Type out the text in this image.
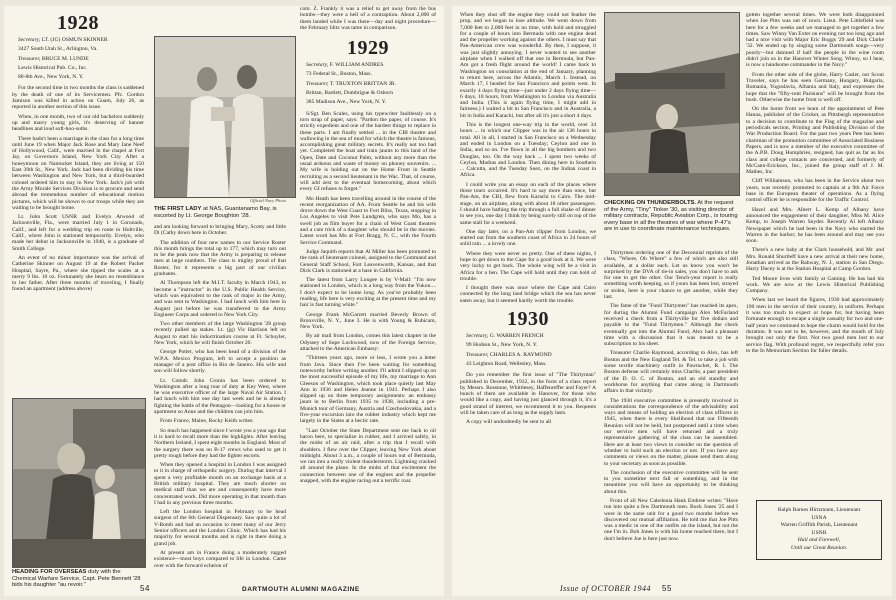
1928

Secretary, LT. (JG) OSMUN SKINNER

3427 South Utah St., Arlington, Va.

Treasurer, BRUCE M. LUNDE

Lewis Historical Pub. Co., Inc.

80-8th Ave., New York, N. Y.

For the second time in two months the class is saddened by the death of one of its Servicemen. Pfc. Gordon Jamison was killed in action on Guam, July 26, as reported in another section of this issue.

When, in one month, two of our old bachelors suddenly up and marry young girls, it's deserving of banner headlines and loud soft-hoo-suths.

There hadn't been a marriage in the class for a long time until June 19 when Major Jack Rose and Mary Jane Neef of Hollywood, Calif., were married in the chapel at Fort Jay, on Governors Island, New York City. After a honeymoon on Nantucket Island, they are living at 150 East 39th St., New York. Jack had been dividing his time between Washington and New York, but a third-boarded colonel ordered him to stay in New York. Jack's job with the Army Morale Services Division is to procure and send abroad the tremendous number of educational motion pictures, which will be shown to our troops while they are waiting to be brought home.

Lt. John Scott USNR and Evelyn Atwood of Jacksonville, Fla., were married July 1 in Coronado, Calif., and left for a wedding trip en route to Holtville, Calif., where John is stationed temporarily. Evelyn, who made her debut in Jacksonville in 1940, is a graduate of Smith College.

An event of no minor importance was the arrival of Catherine Skinner on August 19 at the Robert Packer Hospital, Sayre, Pa., where she tipped the scales at a merry 9 lbs. 10 oz. Fortunately she bears no resemblance to her father. After three months of traveling, I finally found an apartment (address above)

HEADING FOR OVERSEAS duty with the Chemical Warfare Service, Capt. Pete Bennett '28 bids his daughter "au revoir."

and am looking forward to bringing Mary, Scotty and little Di (Cathy down here in October.

The addition of four new names to our Service Roster this month brings the total up to 177, which may turn out to be the peak now that the Army is preparing to release men at large numbers. The class is mighty proud of that Roster, for it represents a big part of our civilian graduates.

Al Thompson left the M.I.T. faculty in March 1943, to become a "instructor" in the U.S. Public Health Service, which was equivalent to the rank of major in the Army, and was sent to Washington. I had lunch with him here in August just before he was transferred to the Army Engineer Corps and ordered to New York City.

Two other members of the large Washington '28 group recently pulled up stakes. Lt. (jg) Vic Harrison left on August to start his indoctrination course at Ft. Schuyler, New York, which he will finish October 20.

George Potter, who has been head of a division of the W.P.A. Mexico Program, left to accept a position as manager of a post office in Rio de Janeiro. His wife and son will follow shortly.

Lt. Comdr. John Cronin has been ordered to Washington after a long tour of duty at Key West, where he was executive officer of the large Naval Air Station. I had lunch with him one day last week and he is already fighting the battle of the Pentagon—looking for a house or apartment so Anne and the children can join him.

From France, Maine, Rocky Keith writes:

So much has happened since I wrote you a year ago that it is hard to recall more than the highlights. After leaving Northern Ireland, I spent eight months in England. Most of the surgery there was on B-17 crews who used to get it pretty rough before they had the fighter escorts.

When they opened a hospital in London I was assigned to it in charge of orthopedic surgery. During that interval I spent a very profitable month on an exchange basis at a British military hospital. They are much shorter on medical staff than we are and consequently have more concentrated work. Did more operating in that month than I had in any previous three months.

Left the London hospital in February to be head surgeon of the 6th General Dispensary. Saw quite a lot of V-Bomb and had an occasion to meet many of our Jerry Senior officers and the London Clinic. Which has had his majority for several months and is right in there doing a grand job.

At present am in France doing a moderately rugged existence—most boys compared to life in London. Came over with the forward echelon of

Official Navy Photo
THE FIRST LADY at NAS, Guantanamo Bay, is escorted by Lt. George Boughton '28.

com. Z. Frankly it was a relief to get away from the bus bombs—they were a hell of a contraption. About 2,000 of them landed while I was there—day and night procedure—the February blitz was tame in comparison.

1929

Secretary, F. WILLIAM ANDRES

73 Federal St., Boston, Mass.

Treasurer, T. TRUXTON BRITTAN JR.

Brittan, Bartlett, Dumbrigue & Osborn

385 Madison Ave., New York, N. Y.

S/Sgt. Ben Scales, using his typewriter faultlessly on a torn strap of paper, says: "Pardon the paper, of course. It's strictly expedient and one of the hardest things to replace in these parts. I am finally settled ... in the CBI theatre and wallowing in the sea of mud for which the theatre is famous, accomplishing great military secrets. It's really not too bad yet. Completed the boat and train jaunts to this land of the Open, Date and Coconut Palm, without any more than the usual arduous and waste of money on phoney souvenirs. ... My wife is holding out on the Home Front in Seattle recruiting as a second lieutenant in the Wac. That, of course, will add zest to the eventual homecoming, about which every GI refuses to forget."

Mo Heath has been travelling around in the course of the recent reorganization of AA. From Seattle he and his wife drove down the West Coast to Fort Bliss, Texas, stopping in Los Angeles to visit Pete Lundgren, who says Mo, has a swell job as film buyer for a chain of West Coast theatres and a cute trick of a daughter who should be in the movies. Latest word has Mo at Fort Bragg, N. C., with the Fourth Service Command.

Judge Jaquith reports that Al Miller has been promoted to the rank of lieutenant colonel, assigned to the Command and General Staff School, Fort Leavenworth, Kansas, and that Dick Clark is stationed at a base in California.

The latest from Larry Longee is by V-Mail: "I'm now stationed in London, which is a long way from the Yukon.... I don't expect to be home long. As you've probably been reading, life here is very exciting at the present time and my hair is fast turning white."

George Frank McGarrett married Beverly Brown of Bronxville, N. Y., June 3. He is with Young & Rubicam, New York.

By air mail from London, comes this latest chapter in the Odyssey of Supe Lockwood, now of the Foreign Service, attached to the American Embassy:

"Thirteen years ago, more or less, I wrote you a letter from Java. Since then I've been waiting for something noteworthy before writing another. I'll admit I slipped up on the most successful episode of my life, my marriage to Ann Gleeson of Washington, which took place quietly last May Ann in 1936 and Helen Jeanne in 1941. Perhaps I also slipped up on three temporary assignments: an embassy jaunt in to Berlin from 1935 to 1938, including a pre-Munich tour of Germany, Austria and Czechoslovakia, and a five-year excursion into the rubber industry which kept me largely in the States at a hectic rate.

"Last October the State Department sent me back to oil baron here, to specialize in rubber, and I arrived safely, in the midst of an air raid, after a trip that I recall with shudders. I flew over the Clipper, leaving New York about midnight. About 3 a.m., a couple of hours out of Bermuda, we ran into a really violent thunderstorm. Lightning cracked all around the plane. In the midst of that excitement the connection between one of the engines and the propeller snapped, with the engine racing out a terrific roar.

54	DARTMOUTH ALUMNI MAGAZINE

When they shut off the engine they could not feather the prop, and we began to lose altitude. We went down from 7,000 feet to 2,000 feet in no time, with hold and struggled for a couple of hours into Bermuda with one engine dead and the propeller working against the others. I must say that Pan-American crew was wonderful. By then, I suppose, it was just slightly annoying. I never wanted to see another airplane when I walked off that one in Bermuda, but Pan-Am got a fresh flight around the world! I came back to Washington on consolation at the end of January, planning to return here, across the Atlantic, March 1. Instead, on March 17, I headed for San Francisco and points west. In exactly 4 days flying time—just under 2 days flying time—6 days, 10 hours, from Washington to London via Australia and India. (This is again flying time, I might add in fairness.) I waited a bit in San Francisco and in Australia, a bit in India and Karachi, but after all it's just a short 4 days.

This is the longest one-way trip in the world, over 34 hours ... in which our Clipper was in the air 136 hours in total. All in all, I started in San Francisco on a Wednesday and ended in London on a Tuesday; Ceylon and one in India, and so on. I've flown in all the big bombers and two Douglas, too. On the way back ... I spent two weeks of Ceylon, Madras and London. Then dining here in Southern ... Calcutta, and the Tuesday Suez, on the Indian coast in Africa.

I could write you an essay on each of the places where those tours occurred. It's hard to say more than once, but Pan-Am, the CBI, flew from Karachi to Cairo. The mid-stage, on an airplane, along with about 18 other passengers. I should have bathing the trip through a full shake of dinner to see you, one day I think by being surely still on top of the same stall for a weekend.

One day later, on a Pan-Am clipper from London, we started out from the southern coast of Africa in 24 hours of solid rain ... a lovely one.

Where they were never so pretty. One of these nights, I hope to get down to the Cape for a good look at it. We were very lucky to get back. The whole wing will be a visit in Africa for a hen. The Cape will hold until they can hold of trouble.

I thought there was once where the Cape and Cairo connected by the long land bridge which the sea has never eaten away, but it seemed hardly worth the trouble.

1930

Secretary, G. WARREN FRENCH

99 Hudson St., New York, N. Y.

Treasurer, CHARLES A. RAYMOND

43 Leighton Road, Wellesley, Mass.

Do you remember the first issue of "The Thirtyman" published in December, 1932, in the form of a class report by Messrs. Rosstone, Whittlesey, Haffenreffer and Fayer? A bunch of them are available in Hanover, for those who would like a copy, and having just glanced through it, it's a good strand of interest, we recommend it to you. Requests will be taken care of as long as the supply lasts.

A copy will undoubtedly be sent to all

CHECKING ON THUNDERBOLTS. At the request of the Army, "Tiny" Tinker '30, as visiting director of military contracts, Republic Aviation Corp., is touring every base in all the theatres of war where P-47's are in use to coordinate maintenance techniques.

Thirtymen ordering one of the Decennial reprints of the class, "Where, Oh Where" a few of which are also still available, at a dollar each. Let us know you won't be surprised by the DVA of tie-in sales, you don't have to ask for one to get the other. Our Tench-year report is really something worth keeping, so if yours has been lost, strayed or stolen, here is your chance to get another, while they last.

The fame of the "Fund Thirtymen" has reached its apex, for during the Alumni Fund campaign Alex McFarland received a check from a Thirtyville for five dollars and payable to the "Fund Thirtymen." Although the check eventually got into the Alumni Fund, Alex had a pleasant time with a discussion that it was meant to be a subscription to his sheet.

Treasurer Charlie Raymond, according to Alex, has left Boston and the New England Tel. & Tel. to take a job with some textile machinery outfit in Pawtucket, R. I. The Boston defense will certainly miss Charlie, a past president of the D. O. C. of Boston, and an old standby and workhorse for anything that came along in Dartmouth affairs in that vicinity.

The 1930 executive committee is presently involved in considerations the correspondence of the advisability and ways and means of holding an election of class officers in 1945, when there is every likelihood that our Fifteenth Reunion will not be held, but postponed until a time when our service men will have returned and a truly representative gathering of the class can be assembled. Here are at least two views to consider on the question of whether to hold such an election or not. If you have any comments or views on the matter, please send them along to your secretary as soon as possible.

The conclusion of the executive committee will be sent to you sometime next fall or something, and in the meantime you will have an opportunity to be thinking about this.

Front of all New Caledonia Hank Embree writes: "Have run into quite a few Dartmouth men. Buck Jones '25 and I were in the same unit for a good two months before we discovered our mutual affiliation. He told me that Joe Pitts was a medic in one of the outfits on the island, but not the one I'm in. Bob Jones is with his home reached there, but I don't believe Joe is here just now.

gotten together several times. We were both disappointed when Joe Pitts was out of town. Lieut. Pete Littlefield was here for a few weeks and we managed to get together a few times. Saw Winny Van Exter on evening not too long ago and had a nice visit with Major Eric Boggs '29 and Dick Clarke '32. We ended up by singing some Dartmouth songs—very poorly—but damned if half the people in the wine room didn't join us in the Hanover Winter Song. Winny, so I hear, is now a handsome commander in the Navy."

From the other side of the globe, Harry Casler, our Scout Traveler, says he has seen Germany, Hungary, Bulgaria, Rumania, Yugoslavia, Albania and Italy, and expresses the hope that the "fifty-cent Parisians" will be brought from the bush. Otherwise the home front is well off.

On the home front we learn of the appointment of Pete Hanna, publisher of the Cricket, as Pittsburgh representative to a decision to contribute to the Flag of the magazine and periodicals section, Printing and Publishing Division of the War Production Board. For the past two years Pete has been chairman of the promotion committee of Associated Business Papers, and is now a member of the executive committee of the A.P.B. Doug Humphries, resigned, has quit as far as his class and college contacts are concerned, and formerly of McCann-Erickson, Inc., joined the group staff of J. M. Mathes, Inc.

Cliff Williamson, who has been in the Service about two years, was recently promoted to captain at a 9th Air Force base in the European theater of operations. As a flying control officer he is responsible for the Traffic Control.

Hazel and Mrs. Albert L. Kemp of Albany have announced the engagement of their daughter, Miss M. Alice Kemp, to Joseph Warren Snyder. Recently Al left Albany Newspaper which he had been in the Navy who started the Warren in the harbor; he has been around and may see you soon.

There's a new baby at the Clark household, and Mr. and Mrs. Ronald Shurtleff have a new arrival at their new home, Jonathan arrived as the Rahway, N. J., station in San Diego. Harry Ducey is at the Station Hospital at Camp Gordon.

Ted Moore lives with family at Gaming. He has had his work. We are now at the Lewis Historical Publishing Company.

When last we heard the figures, 1930 had approximately 190 men in the service of their country, in uniform. Perhaps it was too much to expect or hope for, but having been fortunate enough to escape a single casualty for two and one-half years we continued to hope the charm would hold for the duration. It was not to be, however, and the month of July brought our only the first. Not two good men lost to our service flag. With profound regret, we respectfully refer you to the In Memoriam Section for fuller details.

Ralph Barnes Hirtzmann, Lieutenant

USNA

Warren Griffith Parish, Lieutenant

USNR

Hail and Farewell,

Until our Great Reunion.

Issue of OCTOBER 1944 55
